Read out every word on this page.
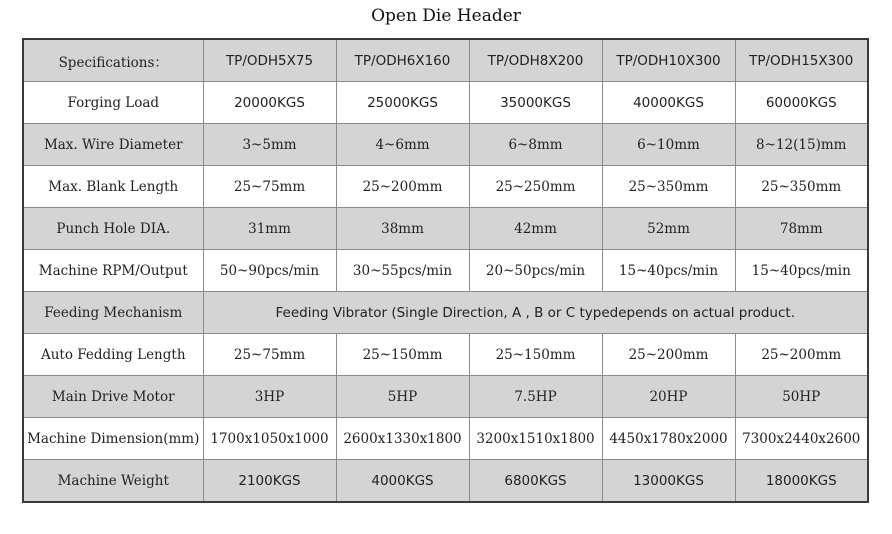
Open Die Header
Specifications：	TP/ODH5X75	TP/ODH6X160	TP/ODH8X200	TP/ODH10X300	TP/ODH15X300
Forging Load	20000KGS	25000KGS	35000KGS	40000KGS	60000KGS
Max. Wire Diameter	3~5mm	4~6mm	6~8mm	6~10mm	8~12(15)mm
Max. Blank Length	25~75mm	25~200mm	25~250mm	25~350mm	25~350mm
Punch Hole DIA.	31mm	38mm	42mm	52mm	78mm
Machine RPM/Output	50~90pcs/min	30~55pcs/min	20~50pcs/min	15~40pcs/min	15~40pcs/min
Feeding Mechanism	Feeding Vibrator (Single Direction, A , B or C typedepends on actual product.				
Auto Fedding Length	25~75mm	25~150mm	25~150mm	25~200mm	25~200mm
Main Drive Motor	3HP	5HP	7.5HP	20HP	50HP
Machine Dimension(mm)	1700x1050x1000	2600x1330x1800	3200x1510x1800	4450x1780x2000	7300x2440x2600
Machine Weight	2100KGS	4000KGS	6800KGS	13000KGS	18000KGS
